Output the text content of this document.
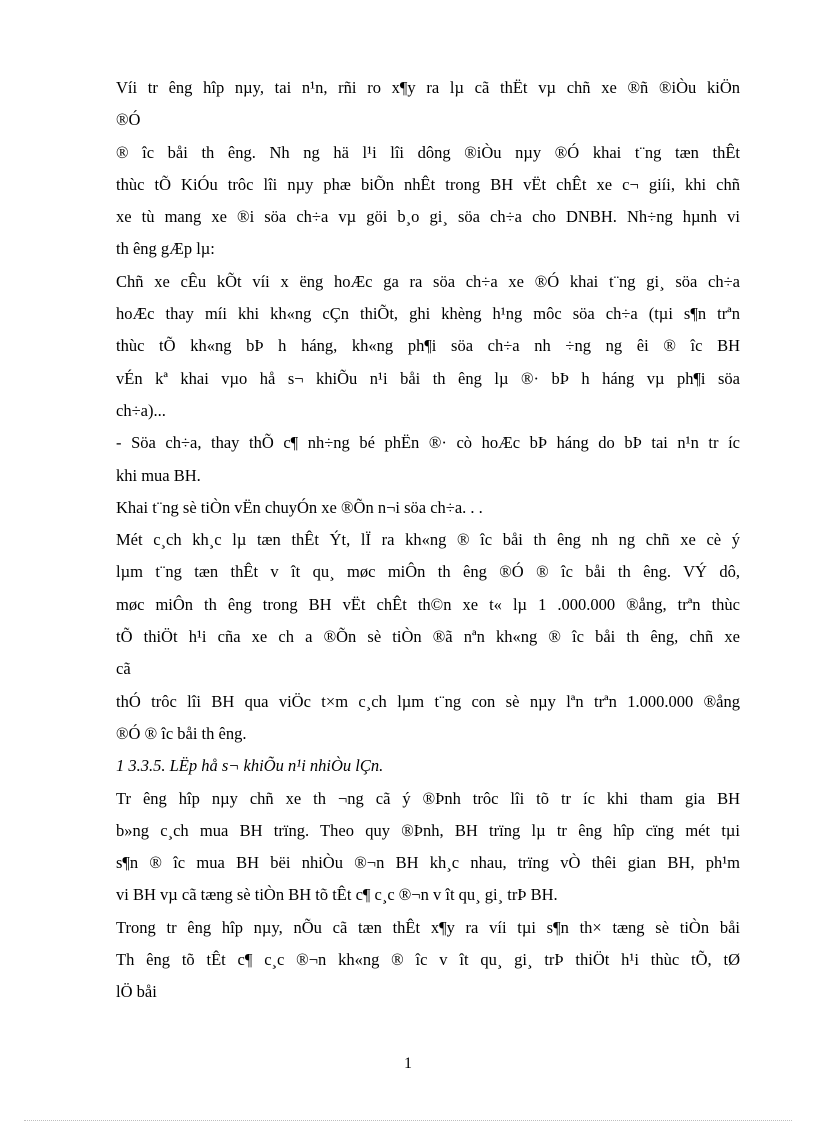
Víi tr êng hîp nµy, tai n¹n, rñi ro x¶y ra lµ cã thËt vµ chñ xe ®ñ ®iÒu kiÖn
®Ó
® îc båi th êng. Nh ng hä l¹i lîi dông ®iÒu nµy ®Ó khai t¨ng tæn thÊt
thùc tÕ KiÓu trôc lîi nµy phæ biÕn nhÊt trong BH vËt chÊt xe c¬ giíi, khi chñ
xe tù mang xe ®i söa ch÷a vµ göi b¸o gi¸ söa ch÷a cho DNBH. Nh÷ng hµnh vi
th êng gÆp lµ:
Chñ xe cÊu kÕt víi x ëng hoÆc ga ra söa ch÷a xe ®Ó khai t¨ng gi¸ söa ch÷a
hoÆc thay míi khi kh«ng cÇn thiÕt, ghi khèng h¹ng môc söa ch÷a (tµi s¶n trªn
thùc tÕ kh«ng bÞ h háng, kh«ng ph¶i söa ch÷a nh ÷ng ng êi ® îc BH
vÉn kª khai vµo hå s¬ khiÕu n¹i båi th êng lµ ®· bÞ h háng vµ ph¶i söa
ch÷a)...
- Söa ch÷a, thay thÕ c¶ nh÷ng bé phËn ®· cò hoÆc bÞ háng do bÞ tai n¹n tr íc
khi mua BH.
Khai t¨ng sè tiÒn vËn chuyÓn xe ®Õn n¬i söa ch÷a. . .
Mét c¸ch kh¸c lµ tæn thÊt Ýt, lÏ ra kh«ng ® îc båi th êng nh ng chñ xe cè ý
lµm t¨ng tæn thÊt v ît qu¸ møc miÔn th êng ®Ó ® îc båi th êng. VÝ dô,
møc miÔn th êng trong BH vËt chÊt th©n xe t« lµ 1 .000.000 ®ång, trªn thùc
tÕ thiÖt h¹i cña xe ch a ®Õn sè tiÒn ®ã nªn kh«ng ® îc båi th êng, chñ xe
cã
thÓ trôc lîi BH qua viÖc t×m c¸ch lµm t¨ng con sè nµy lªn trªn 1.000.000 ®ång
®Ó ® îc båi th êng.
1 3.3.5. LËp hå s¬ khiÕu n¹i nhiÒu lÇn.
Tr êng hîp nµy chñ xe th ¬ng cã ý ®Þnh trôc lîi tõ tr íc khi tham gia BH
b»ng c¸ch mua BH trïng. Theo quy ®Þnh, BH trïng lµ tr êng hîp cïng mét tµi
s¶n ® îc mua BH bëi nhiÒu ®¬n BH kh¸c nhau, trïng vÒ thêi gian BH, ph¹m
vi BH vµ cã tæng sè tiÒn BH tõ tÊt c¶ c¸c ®¬n v ît qu¸ gi¸ trÞ BH.
Trong tr êng hîp nµy, nÕu cã tæn thÊt x¶y ra víi tµi s¶n th× tæng sè tiÒn båi
Th êng tõ tÊt c¶ c¸c ®¬n kh«ng ® îc v ît qu¸ gi¸ trÞ thiÖt h¹i thùc tÕ, tØ
lÖ båi
1
